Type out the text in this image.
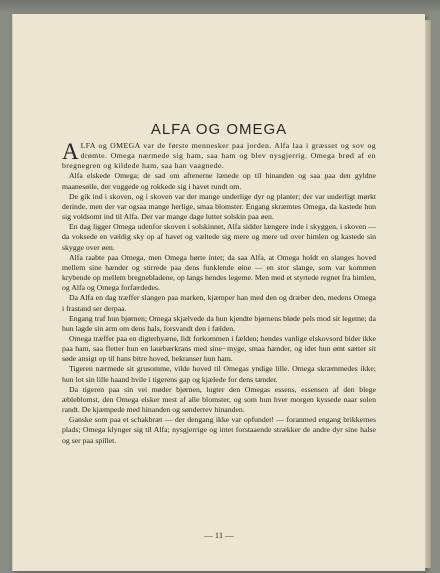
ALFA OG OMEGA

ALFA og OMEGA var de første mennesker paa jorden. Alfa laa i græsset og sov og drømte. Omega nærmede sig ham, saa ham og blev nysgjerrig. Omega brød af en bregnegren og kildede ham, saa han vaagnede.

Alfa elskede Omega; de sad om aftenerne lænede op til hinanden og saa paa den gyldne maanesøile, der vuggede og rokkede sig i havet rundt om.

De gik ind i skoven, og i skoven var der mange underlige dyr og planter; der var underligt mørkt derinde, men der var ogsaa mange herlige, smaa blomster. Engang skræmtes Omega, da kastede hun sig voldsomt ind til Alfa. Der var mange dage lutter solskin paa øen.

En dag ligger Omega udenfor skoven i solskinnet, Alfa sidder længere inde i skyggen, i skoven — da voksede en vældig sky op af havet og væltede sig mere og mere ud over himlen og kastede sin skygge over øen.

Alfa raabte paa Omega, men Omega hørte intet; da saa Alfa, at Omega holdt en slanges hoved mellem sine hænder og stirrede paa dens funklende øine — en stor slange, som var kommen krybende op mellem bregnebladene, op langs hendes legeme. Men med et styrtede regnet fra himlen, og Alfa og Omega forfærdedes.

Da Alfa en dag træffer slangen paa marken, kjæmper han med den og dræber den, medens Omega i frastand ser derpaa.

Engang traf hun bjørnen; Omega skjælvede da hun kjendte bjørnens bløde pels mod sit legeme; da hun lagde sin arm om dens hals, forsvandt den i fælden.

Omega træffer paa en digterhyæne, lidt forkommen i fælden; hendes vanlige elskovsord bider ikke paa ham, saa fletter hun en laurbærkrans med sine ̶ myge, smaa hænder, og idet hun ømt sætter sit søde ansigt op til hans bitre hoved, bekranser hun ham.

Tigeren nærmede sit grusomme, vilde hoved til Omegas yndige lille. Omega skræmmedes ikke; hun lot sin lille haand hvile i tigerens gap og kjælede for dens tænder.

Da tigeren paa sin vei møder bjørnen, lugter den Omegas essens, essensen af den blege æbleblomst, den Omega elsker mest af alle blomster, og som hun hver morgen kyssede naar solen randt. De kjæmpede med hinanden og sønderrev hinanden.

Ganske som paa et schakbræt — der dengang ikke var opfundet! — foranmed engang brikkernes plads; Omega klynger sig til Alfa; nysgjerrige og intet forstaaende strækker de andre dyr sine halse og ser paa spillet.

— 11 —
